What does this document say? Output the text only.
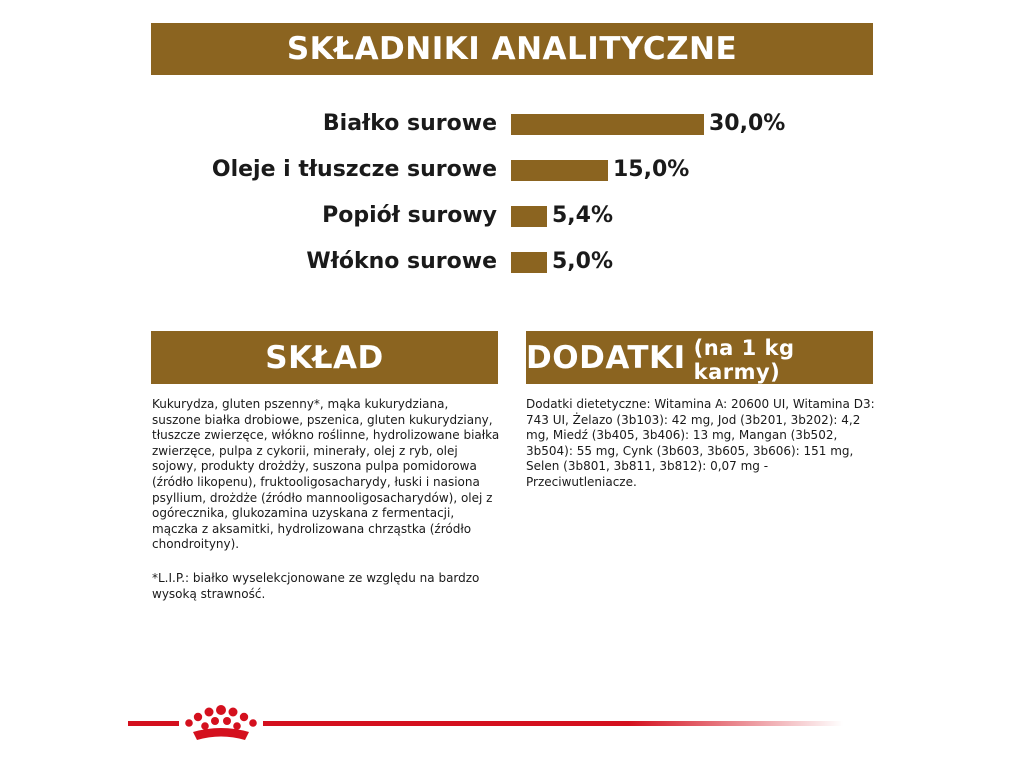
SKŁADNIKI ANALITYCZNE
Białko surowe	30,0%
Oleje i tłuszcze surowe	15,0%
Popiół surowy	5,4%
Włókno surowe	5,0%
SKŁAD	DODATKI (na 1 kg karmy)
Kukurydza, gluten pszenny*, mąka kukurydziana, suszone białka drobiowe, pszenica, gluten kukurydziany, tłuszcze zwierzęce, włókno roślinne, hydrolizowane białka zwierzęce, pulpa z cykorii, minerały, olej z ryb, olej sojowy, produkty drożdży, suszona pulpa pomidorowa (źródło likopenu), fruktooligosacharydy, łuski i nasiona psyllium, drożdże (źródło mannooligosacharydów), olej z ogórecznika, glukozamina uzyskana z fermentacji, mączka z aksamitki, hydrolizowana chrząstka (źródło chondroityny).
*L.I.P.: białko wyselekcjonowane ze względu na bardzo wysoką strawność.
Dodatki dietetyczne: Witamina A: 20600 UI, Witamina D3: 743 UI, Żelazo (3b103): 42 mg, Jod (3b201, 3b202): 4,2 mg, Miedź (3b405, 3b406): 13 mg, Mangan (3b502, 3b504): 55 mg, Cynk (3b603, 3b605, 3b606): 151 mg, Selen (3b801, 3b811, 3b812): 0,07 mg - Przeciwutleniacze.
